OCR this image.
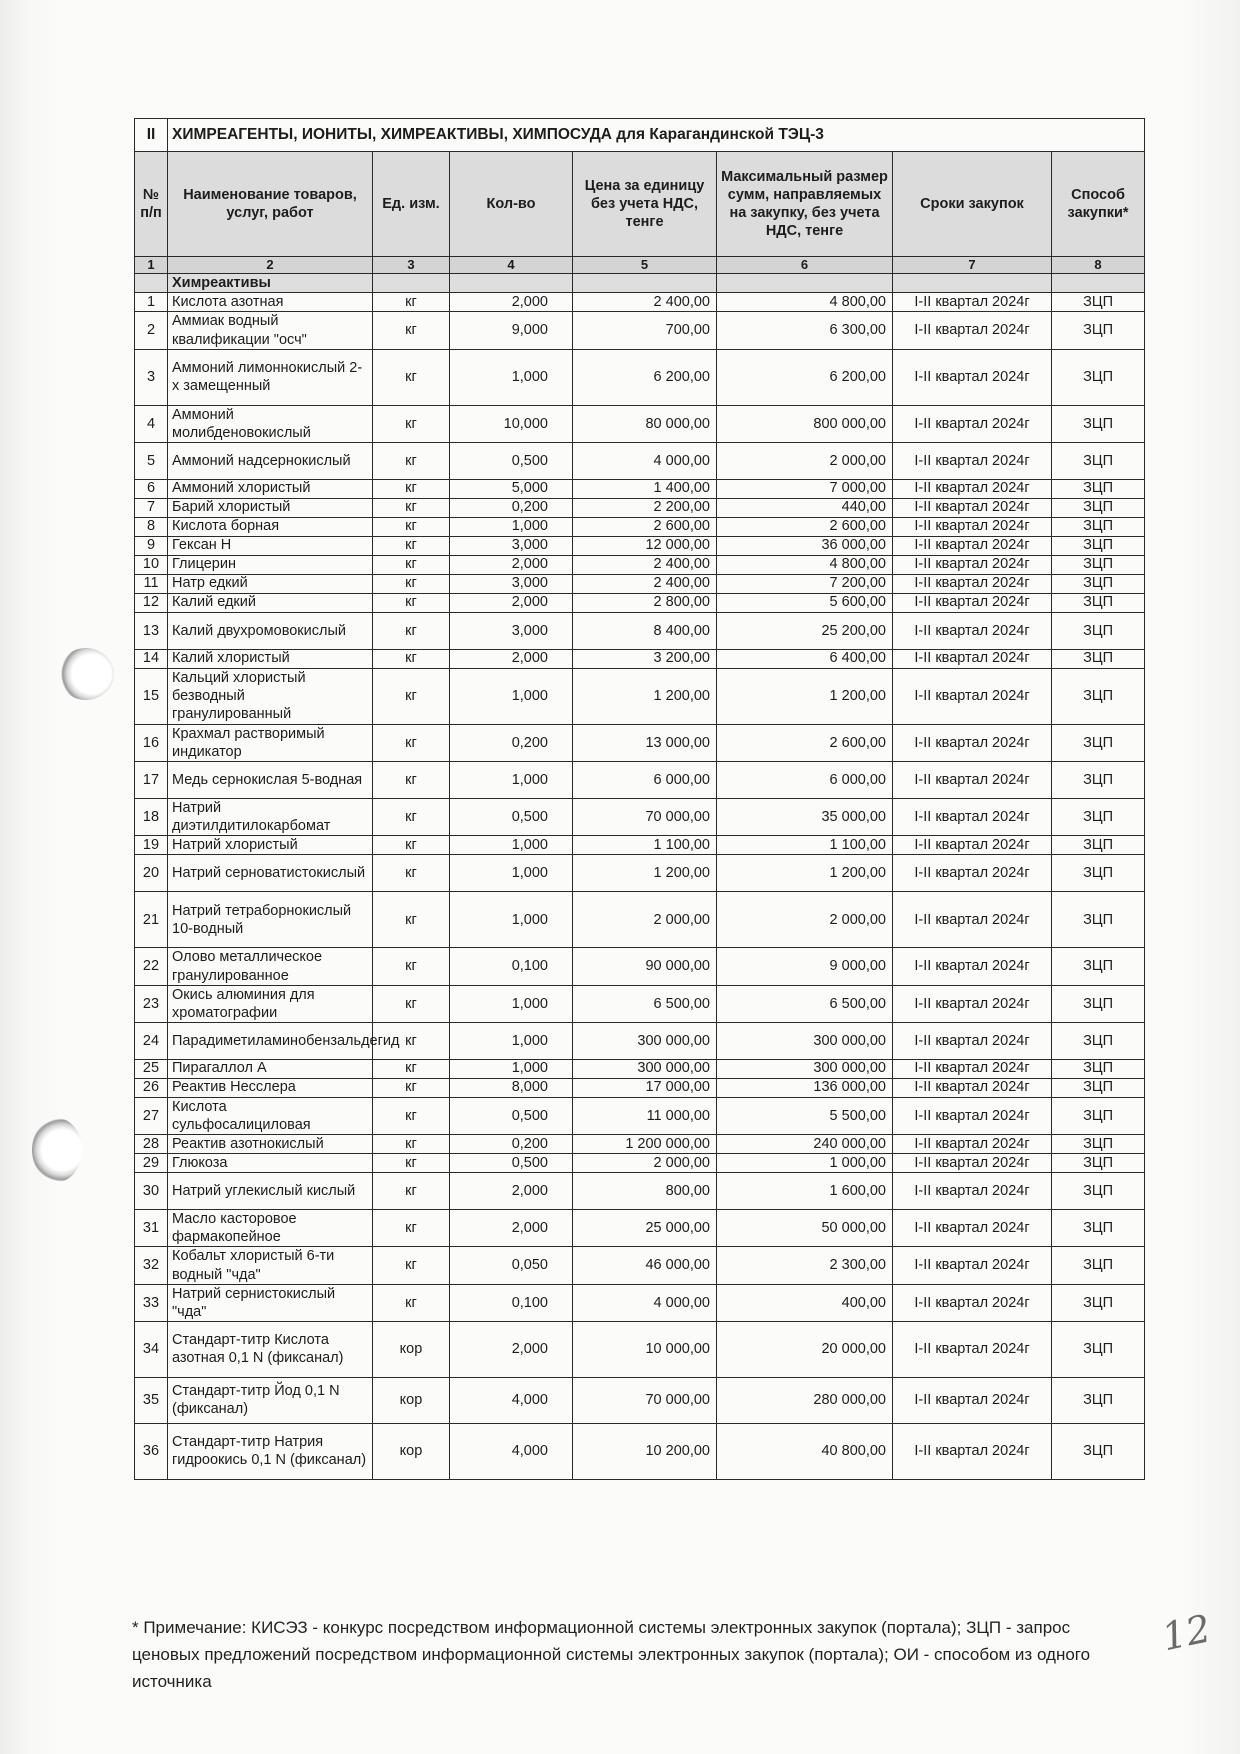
II	ХИМРЕАГЕНТЫ, ИОНИТЫ, ХИМРЕАКТИВЫ, ХИМПОСУДА для Карагандинской ТЭЦ-3						
№ п/п	Наименование товаров, услуг, работ	Ед. изм.	Кол-во	Цена за единицу без учета НДС, тенге	Максимальный размер сумм, направляемых на закупку, без учета НДС, тенге	Сроки закупок	Способ закупки*
1	2	3	4	5	6	7	8
	Химреактивы						
1	Кислота азотная	кг	2,000	2 400,00	4 800,00	I-II квартал 2024г	ЗЦП
2	Аммиак водный квалификации "осч"	кг	9,000	700,00	6 300,00	I-II квартал 2024г	ЗЦП
3	Аммоний лимоннокислый 2-х замещенный	кг	1,000	6 200,00	6 200,00	I-II квартал 2024г	ЗЦП
4	Аммоний молибденовокислый	кг	10,000	80 000,00	800 000,00	I-II квартал 2024г	ЗЦП
5	Аммоний надсернокислый	кг	0,500	4 000,00	2 000,00	I-II квартал 2024г	ЗЦП
6	Аммоний хлористый	кг	5,000	1 400,00	7 000,00	I-II квартал 2024г	ЗЦП
7	Барий хлористый	кг	0,200	2 200,00	440,00	I-II квартал 2024г	ЗЦП
8	Кислота борная	кг	1,000	2 600,00	2 600,00	I-II квартал 2024г	ЗЦП
9	Гексан Н	кг	3,000	12 000,00	36 000,00	I-II квартал 2024г	ЗЦП
10	Глицерин	кг	2,000	2 400,00	4 800,00	I-II квартал 2024г	ЗЦП
11	Натр едкий	кг	3,000	2 400,00	7 200,00	I-II квартал 2024г	ЗЦП
12	Калий едкий	кг	2,000	2 800,00	5 600,00	I-II квартал 2024г	ЗЦП
13	Калий двухромовокислый	кг	3,000	8 400,00	25 200,00	I-II квартал 2024г	ЗЦП
14	Калий хлористый	кг	2,000	3 200,00	6 400,00	I-II квартал 2024г	ЗЦП
15	Кальций хлористый безводный гранулированный	кг	1,000	1 200,00	1 200,00	I-II квартал 2024г	ЗЦП
16	Крахмал растворимый индикатор	кг	0,200	13 000,00	2 600,00	I-II квартал 2024г	ЗЦП
17	Медь сернокислая 5-водная	кг	1,000	6 000,00	6 000,00	I-II квартал 2024г	ЗЦП
18	Натрий диэтилдитилокарбомат	кг	0,500	70 000,00	35 000,00	I-II квартал 2024г	ЗЦП
19	Натрий хлористый	кг	1,000	1 100,00	1 100,00	I-II квартал 2024г	ЗЦП
20	Натрий серноватистокислый	кг	1,000	1 200,00	1 200,00	I-II квартал 2024г	ЗЦП
21	Натрий тетраборнокислый 10-водный	кг	1,000	2 000,00	2 000,00	I-II квартал 2024г	ЗЦП
22	Олово металлическое гранулированное	кг	0,100	90 000,00	9 000,00	I-II квартал 2024г	ЗЦП
23	Окись алюминия для хроматографии	кг	1,000	6 500,00	6 500,00	I-II квартал 2024г	ЗЦП
24	Парадиметиламинобензальдегид	кг	1,000	300 000,00	300 000,00	I-II квартал 2024г	ЗЦП
25	Пирагаллол А	кг	1,000	300 000,00	300 000,00	I-II квартал 2024г	ЗЦП
26	Реактив Несслера	кг	8,000	17 000,00	136 000,00	I-II квартал 2024г	ЗЦП
27	Кислота сульфосалициловая	кг	0,500	11 000,00	5 500,00	I-II квартал 2024г	ЗЦП
28	Реактив азотнокислый	кг	0,200	1 200 000,00	240 000,00	I-II квартал 2024г	ЗЦП
29	Глюкоза	кг	0,500	2 000,00	1 000,00	I-II квартал 2024г	ЗЦП
30	Натрий углекислый кислый	кг	2,000	800,00	1 600,00	I-II квартал 2024г	ЗЦП
31	Масло касторовое фармакопейное	кг	2,000	25 000,00	50 000,00	I-II квартал 2024г	ЗЦП
32	Кобальт хлористый 6-ти водный "чда"	кг	0,050	46 000,00	2 300,00	I-II квартал 2024г	ЗЦП
33	Натрий сернистокислый "чда"	кг	0,100	4 000,00	400,00	I-II квартал 2024г	ЗЦП
34	Стандарт-титр Кислота азотная 0,1 N (фиксанал)	кор	2,000	10 000,00	20 000,00	I-II квартал 2024г	ЗЦП
35	Стандарт-титр Йод 0,1 N (фиксанал)	кор	4,000	70 000,00	280 000,00	I-II квартал 2024г	ЗЦП
36	Стандарт-титр Натрия гидроокись 0,1 N (фиксанал)	кор	4,000	10 200,00	40 800,00	I-II квартал 2024г	ЗЦП
* Примечание: КИСЭЗ - конкурс посредством информационной системы электронных закупок (портала); ЗЦП - запрос ценовых предложений посредством информационной системы электронных закупок (портала); ОИ - способом из одного источника
12
